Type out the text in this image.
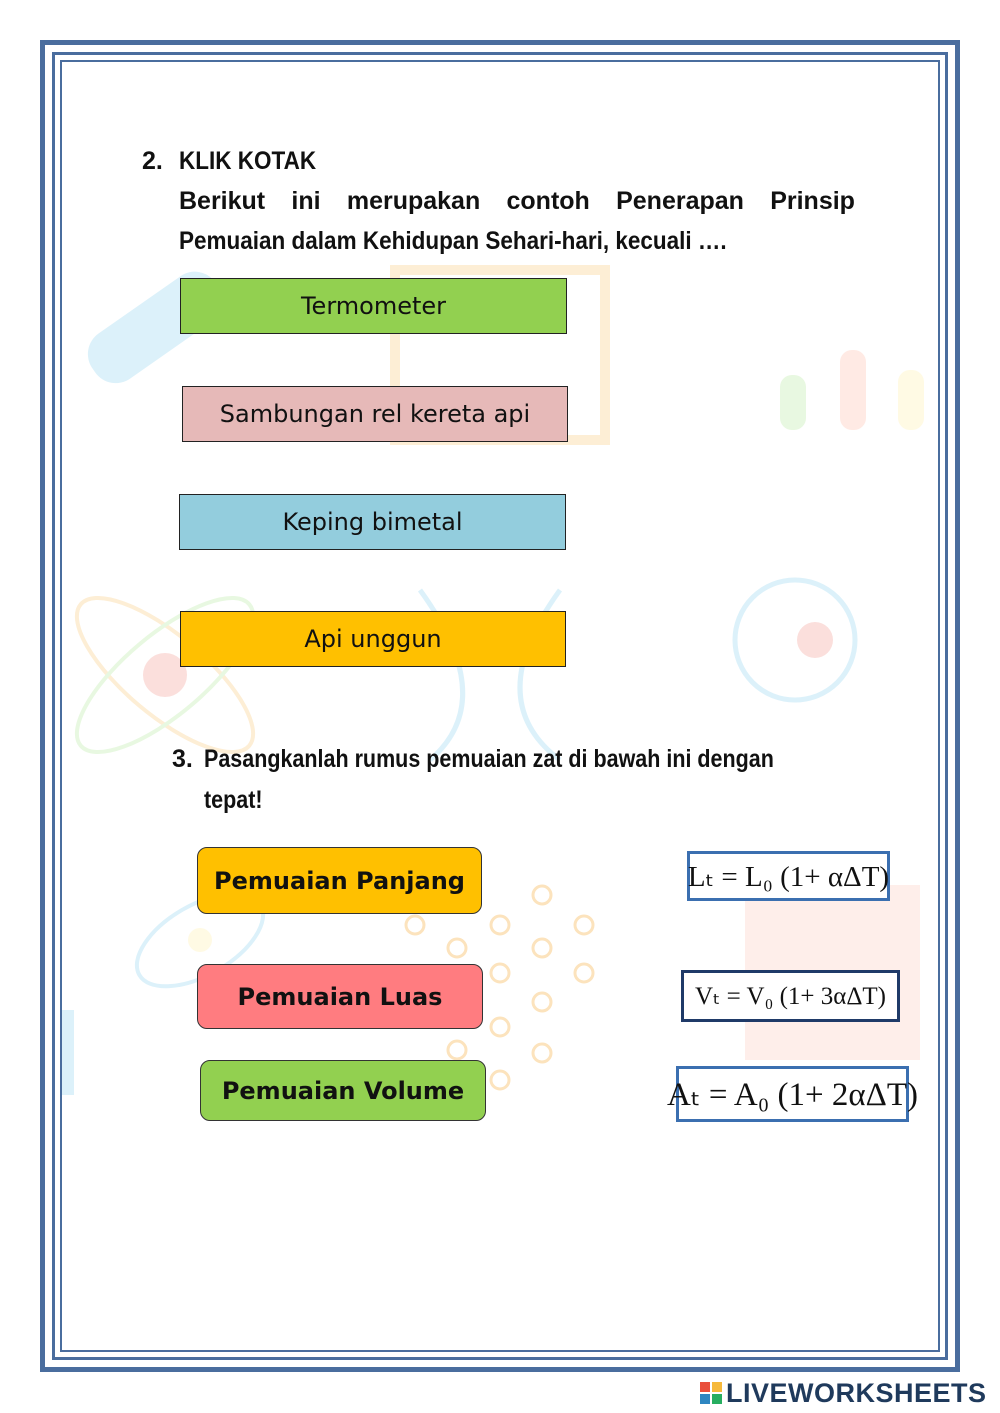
2. KLIK KOTAK
Berikut ini merupakan contoh Penerapan Prinsip
Pemuaian dalam Kehidupan Sehari-hari, kecuali ….
Termometer
Sambungan rel kereta api
Keping bimetal
Api unggun
3. Pasangkanlah rumus pemuaian zat di bawah ini dengan
tepat!
Pemuaian Panjang
Pemuaian Luas
Pemuaian Volume
Lₜ = L₀ (1+ αΔT)
Vₜ = V₀ (1+ 3αΔT)
Aₜ = A₀ (1+ 2αΔT)
LIVEWORKSHEETS
